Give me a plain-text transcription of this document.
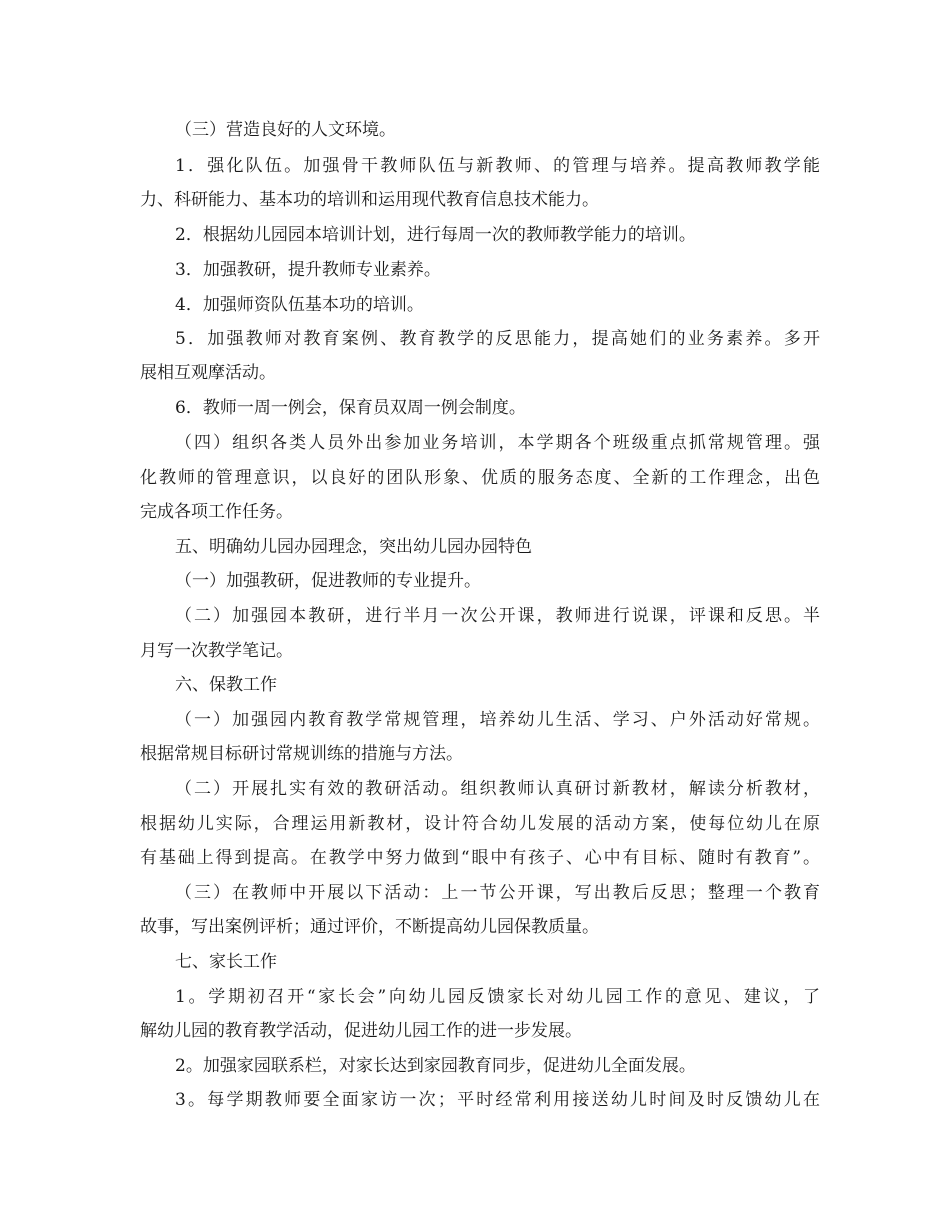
（三）营造良好的人文环境。
1．强化队伍。加强骨干教师队伍与新教师、的管理与培养。提高教师教学能
力、科研能力、基本功的培训和运用现代教育信息技术能力。
2．根据幼儿园园本培训计划，进行每周一次的教师教学能力的培训。
3．加强教研，提升教师专业素养。
4．加强师资队伍基本功的培训。
5．加强教师对教育案例、教育教学的反思能力，提高她们的业务素养。多开
展相互观摩活动。
6．教师一周一例会，保育员双周一例会制度。
（四）组织各类人员外出参加业务培训，本学期各个班级重点抓常规管理。强
化教师的管理意识，以良好的团队形象、优质的服务态度、全新的工作理念，出色
完成各项工作任务。
五、明确幼儿园办园理念，突出幼儿园办园特色
（一）加强教研，促进教师的专业提升。
（二）加强园本教研，进行半月一次公开课，教师进行说课，评课和反思。半
月写一次教学笔记。
六、保教工作
（一）加强园内教育教学常规管理，培养幼儿生活、学习、户外活动好常规。
根据常规目标研讨常规训练的措施与方法。
（二）开展扎实有效的教研活动。组织教师认真研讨新教材，解读分析教材，
根据幼儿实际，合理运用新教材，设计符合幼儿发展的活动方案，使每位幼儿在原
有基础上得到提高。在教学中努力做到“眼中有孩子、心中有目标、随时有教育”。
（三）在教师中开展以下活动：上一节公开课，写出教后反思；整理一个教育
故事，写出案例评析；通过评价，不断提高幼儿园保教质量。
七、家长工作
1。学期初召开“家长会”向幼儿园反馈家长对幼儿园工作的意见、建议，了
解幼儿园的教育教学活动，促进幼儿园工作的进一步发展。
2。加强家园联系栏，对家长达到家园教育同步，促进幼儿全面发展。
3。每学期教师要全面家访一次；平时经常利用接送幼儿时间及时反馈幼儿在
